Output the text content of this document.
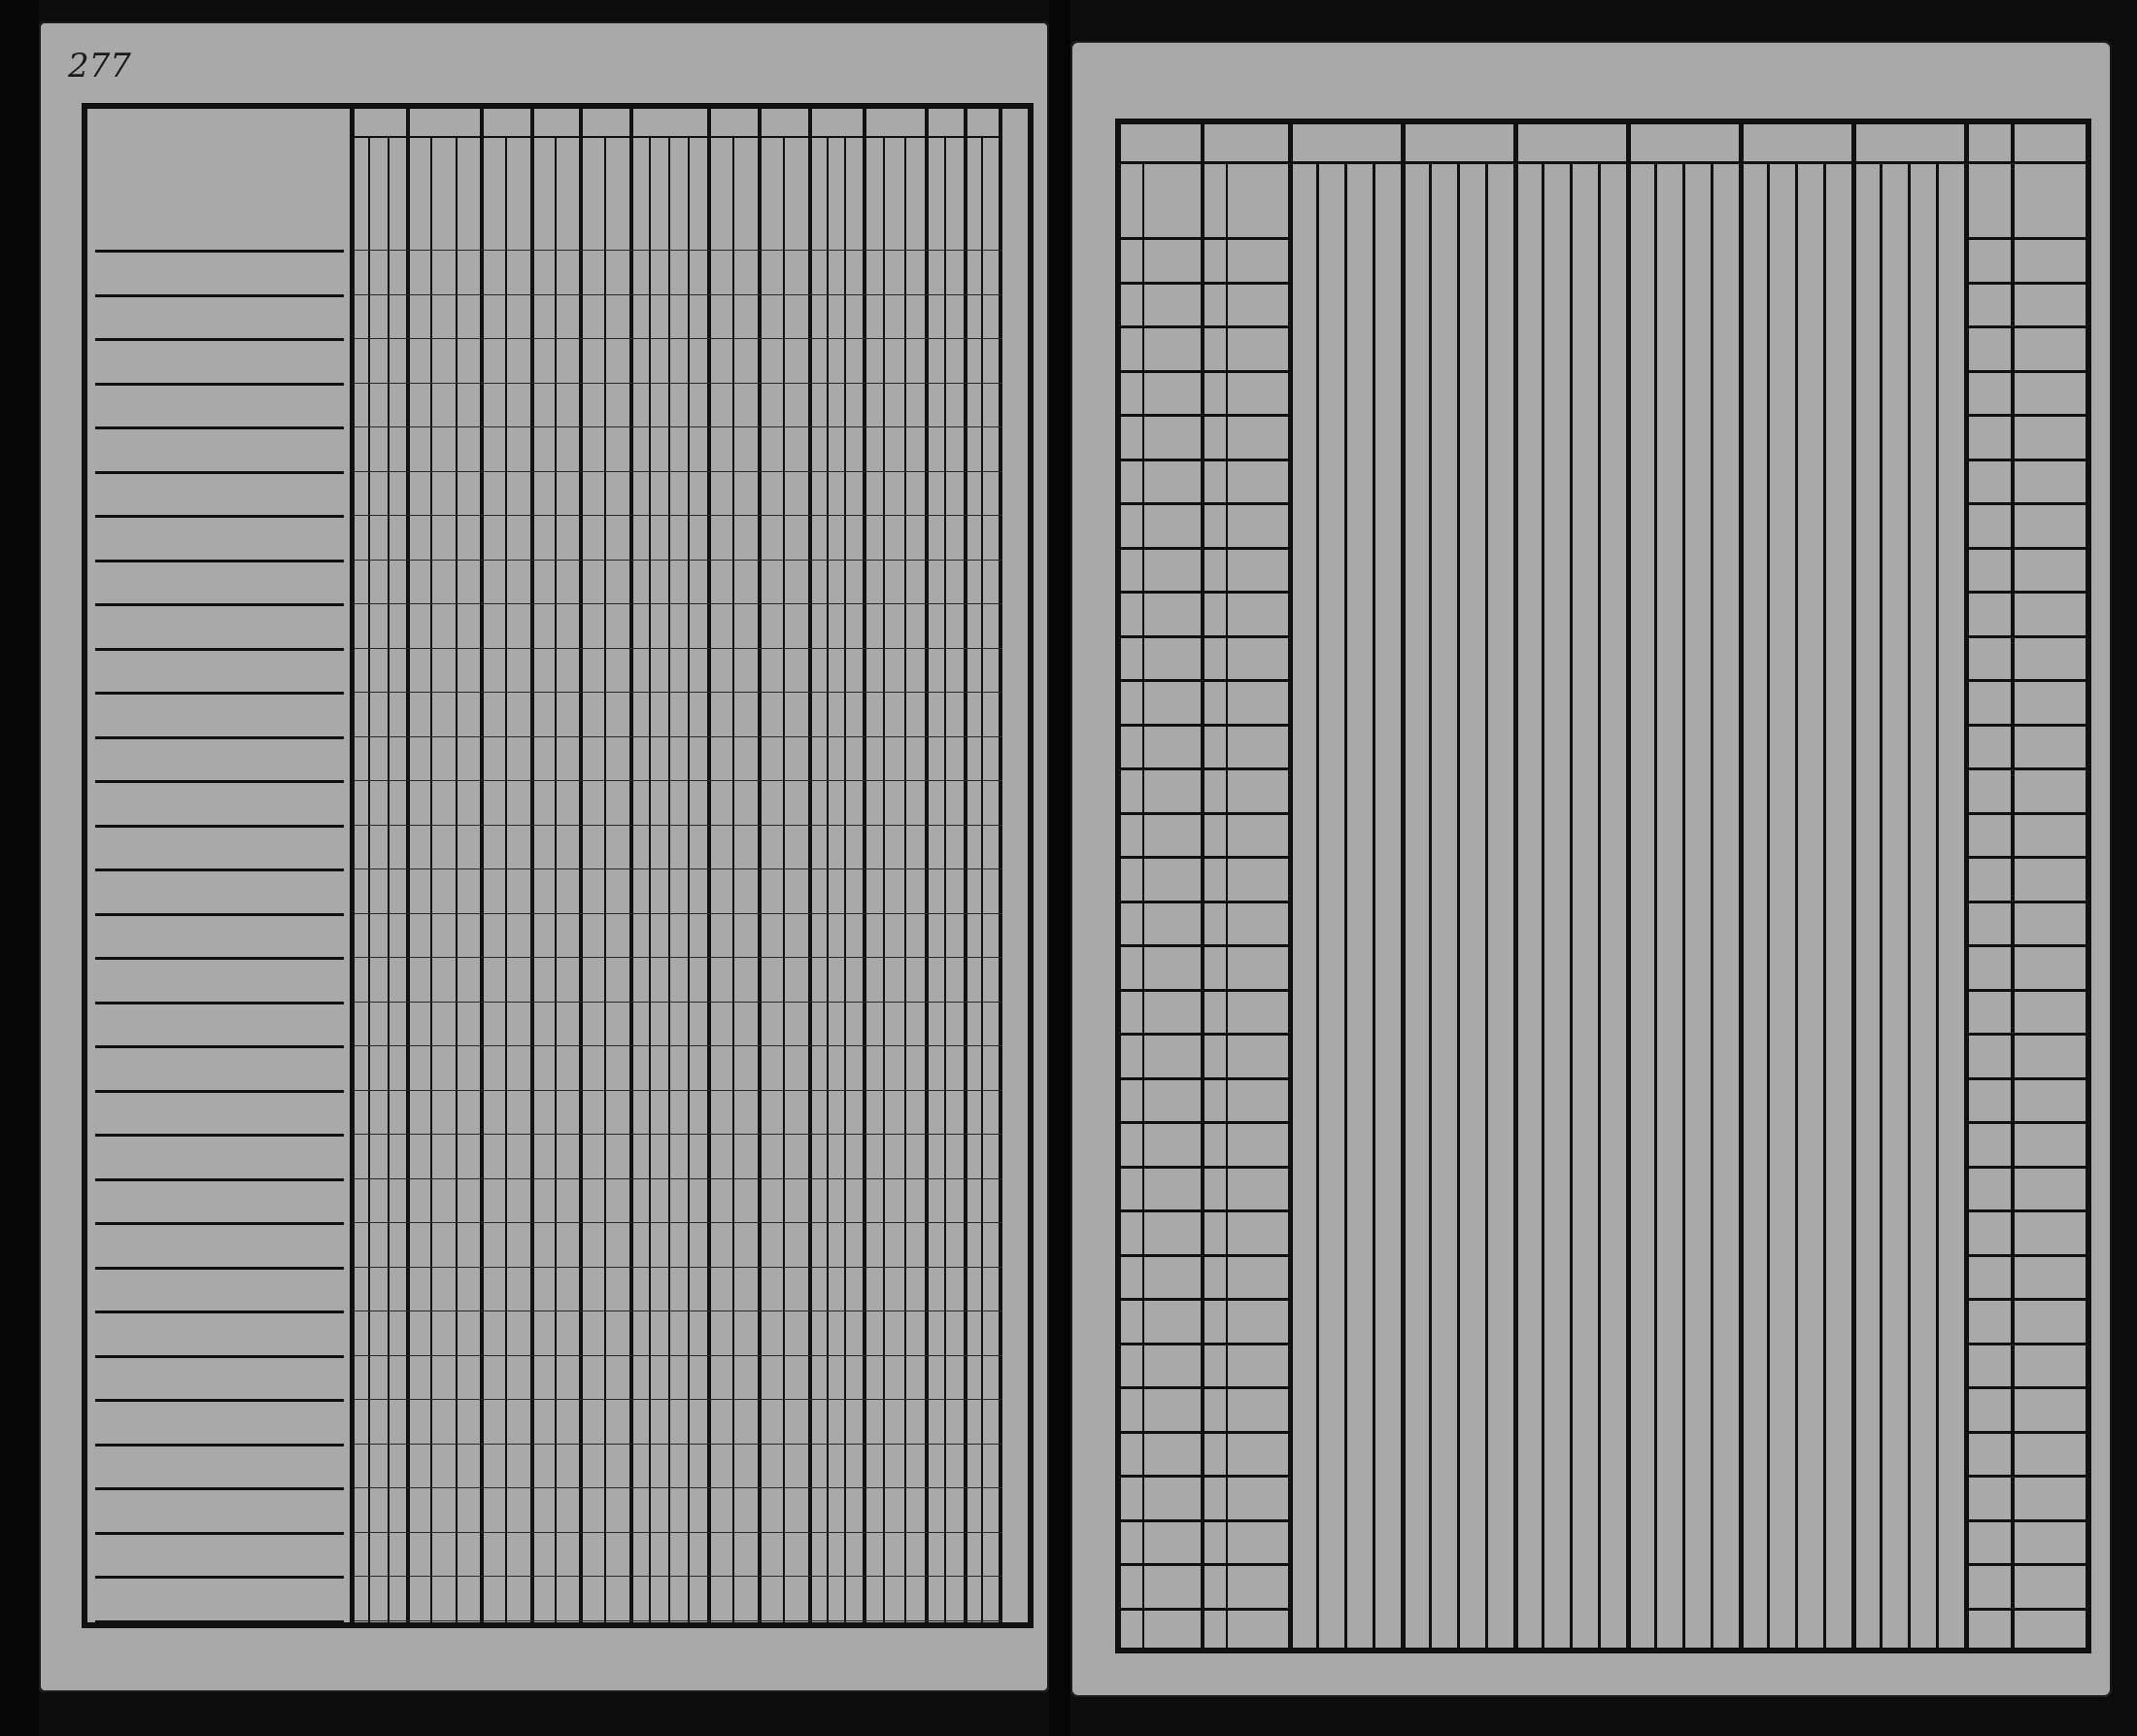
277
